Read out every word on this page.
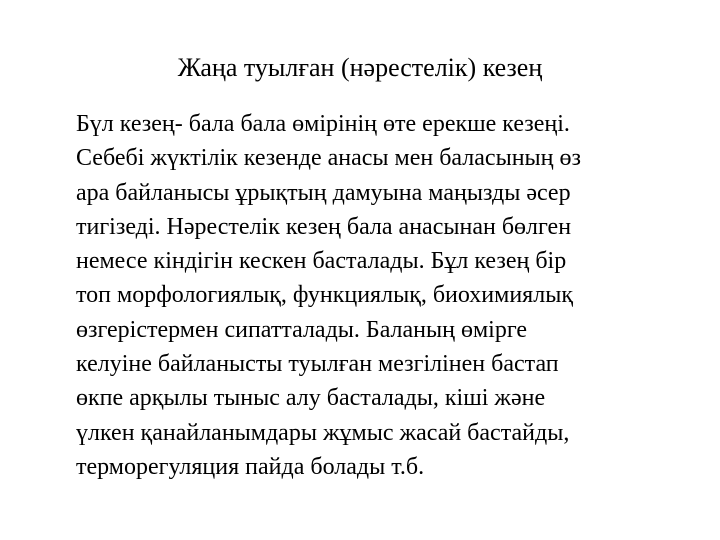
Жаңа туылған (нәрестелік) кезең

Бүл кезең- бала бала өмірінің өте ерекше кезеңі.
Себебі жүктілік кезенде анасы мен баласының өз
ара байланысы ұрықтың дамуына маңызды әсер
тигізеді. Нәрестелік кезең бала анасынан бөлген
немесе кіндігін кескен басталады. Бұл кезең бір
топ морфологиялық, функциялық, биохимиялық
өзгерістермен сипатталады. Баланың өмірге
келуіне байланысты туылған мезгілінен бастап
өкпе арқылы тыныс алу басталады, кіші және
үлкен қанайланымдары жұмыс жасай бастайды,
терморегуляция пайда болады т.б.
